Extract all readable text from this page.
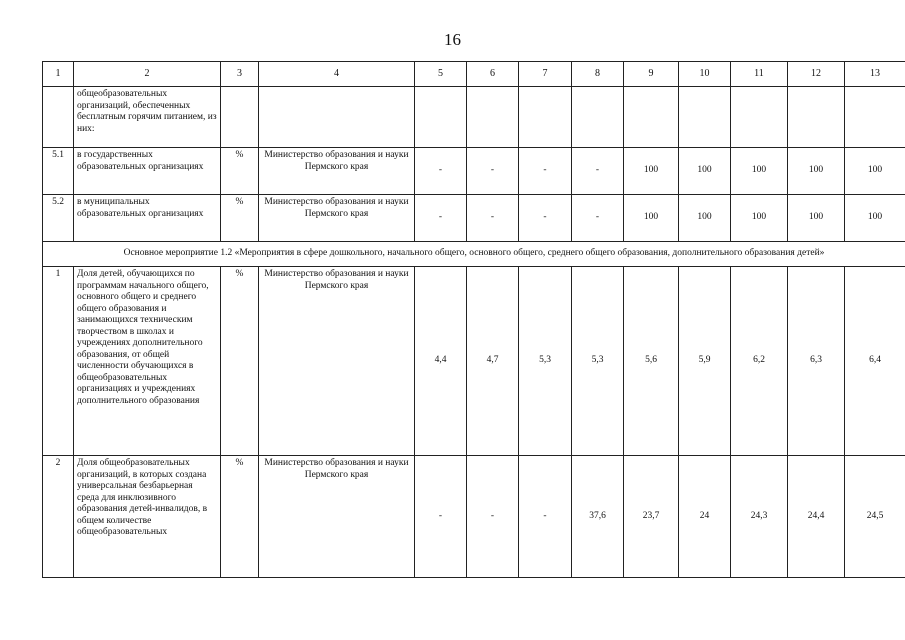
16
1	2	3	4	5	6	7	8	9	10	11	12	13
	общеобразовательных организаций, обеспеченных бесплатным горячим питанием, из них:											
5.1	в государственных образовательных организациях	%	Министерство образования и науки Пермского края	-	-	-	-	100	100	100	100	100
5.2	в муниципальных образовательных организациях	%	Министерство образования и науки Пермского края	-	-	-	-	100	100	100	100	100
Основное мероприятие 1.2 «Мероприятия в сфере дошкольного, начального общего, основного общего, среднего общего образования, дополнительного образования детей»												
1	Доля детей, обучающихся по программам начального общего, основного общего и среднего общего образования и занимающихся техническим творчеством в школах и учреждениях дополнительного образования, от общей численности обучающихся в общеобразовательных организациях и учреждениях дополнительного образования	%	Министерство образования и науки Пермского края	4,4	4,7	5,3	5,3	5,6	5,9	6,2	6,3	6,4
2	Доля общеобразовательных организаций, в которых создана универсальная безбарьерная среда для инклюзивного образования детей-инвалидов, в общем количестве общеобразовательных	%	Министерство образования и науки Пермского края	-	-	-	37,6	23,7	24	24,3	24,4	24,5
